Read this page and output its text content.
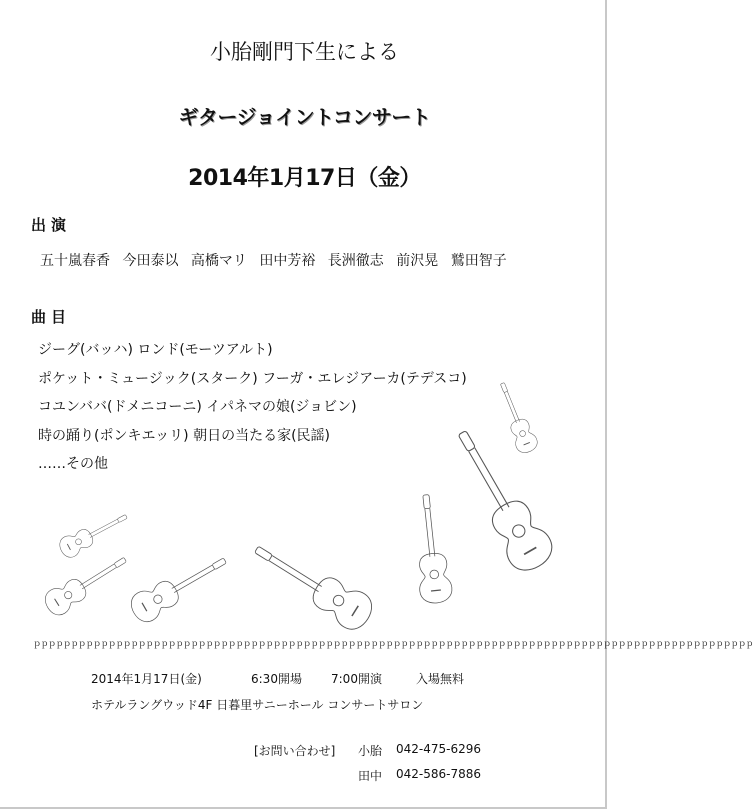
小胎剛門下生による
ギタージョイントコンサート
2014年1月17日（金）
出演
五十嵐春香 今田泰以 高橋マリ 田中芳裕 長洲徹志 前沢晃 鷲田智子
曲目
ジーグ(バッハ) ロンド(モーツアルト)
ポケット・ミュージック(スターク) フーガ・エレジアーカ(テデスコ)
コユンババ(ドメニコーニ) イパネマの娘(ジョビン)
時の踊り(ポンキエッリ) 朝日の当たる家(民謡)
……その他
ｐｐｐｐｐｐｐｐｐｐｐｐｐｐｐｐｐｐｐｐｐｐｐｐｐｐｐｐｐｐｐｐｐｐｐｐｐｐｐｐｐｐｐｐｐｐｐｐｐｐｐｐｐｐｐｐｐｐｐｐｐｐｐｐｐｐｐｐｐｐｐｐｐｐｐｐｐｐｐｐｐｐｐｐｐｐｐｐｐｐｐｐｐｐｐｐ
2014年1月17日(金)	6:30開場 7:00開演	入場無料
ホテルラングウッド4F 日暮里サニーホール コンサートサロン
[お問い合わせ] 小胎 042-475-6296
田中 042-586-7886
